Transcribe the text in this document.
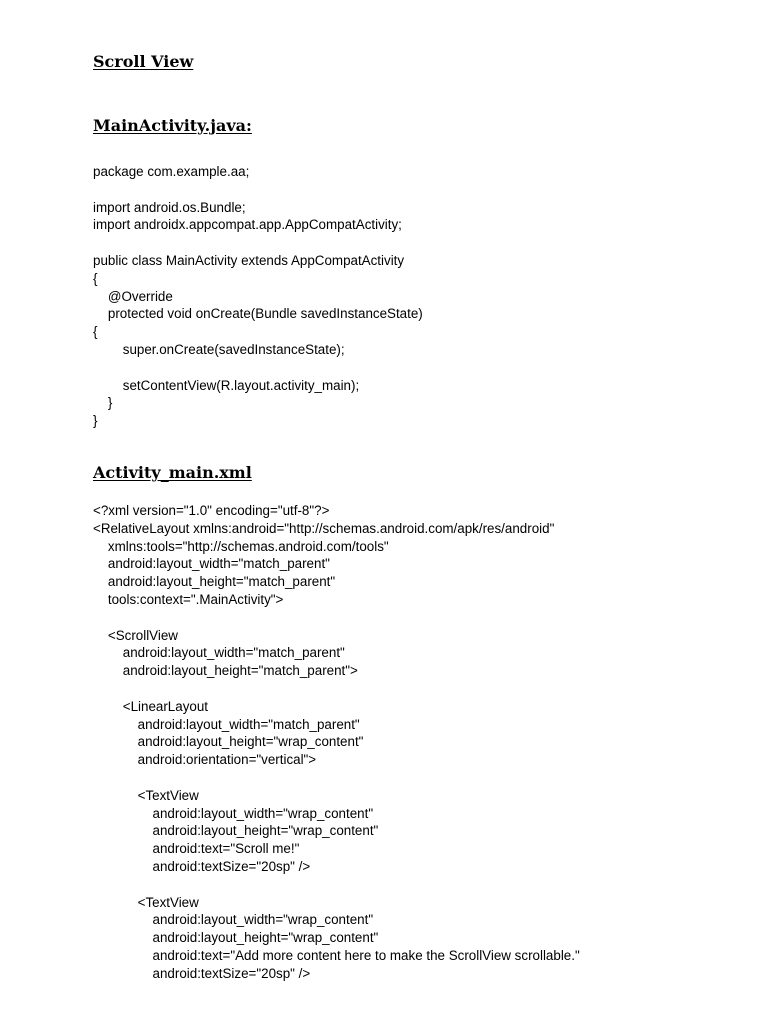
Scroll View
MainActivity.java:
package com.example.aa;
import android.os.Bundle;
import androidx.appcompat.app.AppCompatActivity;
public class MainActivity extends AppCompatActivity
{
@Override
protected void onCreate(Bundle savedInstanceState)
{
super.onCreate(savedInstanceState);
setContentView(R.layout.activity_main);
}
}
Activity_main.xml
<?xml version="1.0" encoding="utf-8"?>
<RelativeLayout xmlns:android="http://schemas.android.com/apk/res/android"
xmlns:tools="http://schemas.android.com/tools"
android:layout_width="match_parent"
android:layout_height="match_parent"
tools:context=".MainActivity">
<ScrollView
android:layout_width="match_parent"
android:layout_height="match_parent">
<LinearLayout
android:layout_width="match_parent"
android:layout_height="wrap_content"
android:orientation="vertical">
<TextView
android:layout_width="wrap_content"
android:layout_height="wrap_content"
android:text="Scroll me!"
android:textSize="20sp" />
<TextView
android:layout_width="wrap_content"
android:layout_height="wrap_content"
android:text="Add more content here to make the ScrollView scrollable."
android:textSize="20sp" />
